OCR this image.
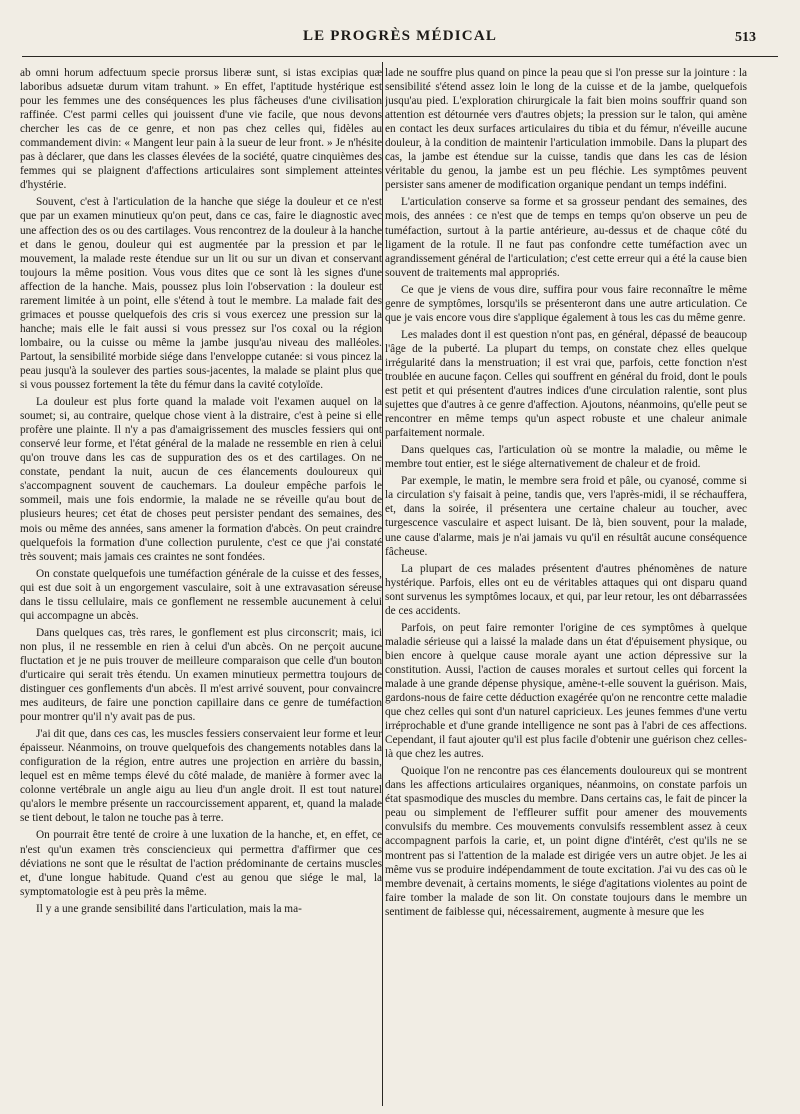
LE PROGRÈS MÉDICAL	513

ab omni horum adfectuum specie prorsus liberæ sunt, si istas excipias quæ laboribus adsuetæ durum vitam trahunt. » En effet, l'aptitude hystérique est pour les femmes une des conséquences les plus fâcheuses d'une civilisation raffinée. C'est parmi celles qui jouissent d'une vie facile, que nous devons chercher les cas de ce genre, et non pas chez celles qui, fidèles au commandement divin: « Mangent leur pain à la sueur de leur front. » Je n'hésite pas à déclarer, que dans les classes élevées de la société, quatre cinquièmes des femmes qui se plaignent d'affections articulaires sont simplement atteintes d'hystérie.

Souvent, c'est à l'articulation de la hanche que siége la douleur et ce n'est que par un examen minutieux qu'on peut, dans ce cas, faire le diagnostic avec une affection des os ou des cartilages. Vous rencontrez de la douleur à la hanche et dans le genou, douleur qui est augmentée par la pression et par le mouvement, la malade reste étendue sur un lit ou sur un divan et conservant toujours la même position. Vous vous dites que ce sont là les signes d'une affection de la hanche. Mais, poussez plus loin l'observation : la douleur est rarement limitée à un point, elle s'étend à tout le membre. La malade fait des grimaces et pousse quelquefois des cris si vous exercez une pression sur la hanche; mais elle le fait aussi si vous pressez sur l'os coxal ou la région lombaire, ou la cuisse ou même la jambe jusqu'au niveau des malléoles. Partout, la sensibilité morbide siége dans l'enveloppe cutanée: si vous pincez la peau jusqu'à la soulever des parties sous-jacentes, la malade se plaint plus que si vous poussez fortement la tête du fémur dans la cavité cotyloïde.

La douleur est plus forte quand la malade voit l'examen auquel on la soumet; si, au contraire, quelque chose vient à la distraire, c'est à peine si elle profère une plainte. Il n'y a pas d'amaigrissement des muscles fessiers qui ont conservé leur forme, et l'état général de la malade ne ressemble en rien à celui qu'on trouve dans les cas de suppuration des os et des cartilages. On ne constate, pendant la nuit, aucun de ces élancements douloureux qui s'accompagnent souvent de cauchemars. La douleur empêche parfois le sommeil, mais une fois endormie, la malade ne se réveille qu'au bout de plusieurs heures; cet état de choses peut persister pendant des semaines, des mois ou même des années, sans amener la formation d'abcès. On peut craindre quelquefois la formation d'une collection purulente, c'est ce que j'ai constaté très souvent; mais jamais ces craintes ne sont fondées.

On constate quelquefois une tuméfaction générale de la cuisse et des fesses, qui est due soit à un engorgement vasculaire, soit à une extravasation séreuse dans le tissu cellulaire, mais ce gonflement ne ressemble aucunement à celui qui accompagne un abcès.

Dans quelques cas, très rares, le gonflement est plus circonscrit; mais, ici non plus, il ne ressemble en rien à celui d'un abcès. On ne perçoit aucune fluctation et je ne puis trouver de meilleure comparaison que celle d'un bouton d'urticaire qui serait très étendu. Un examen minutieux permettra toujours de distinguer ces gonflements d'un abcès. Il m'est arrivé souvent, pour convaincre mes auditeurs, de faire une ponction capillaire dans ce genre de tuméfaction pour montrer qu'il n'y avait pas de pus.

J'ai dit que, dans ces cas, les muscles fessiers conservaient leur forme et leur épaisseur. Néanmoins, on trouve quelquefois des changements notables dans la configuration de la région, entre autres une projection en arrière du bassin, lequel est en même temps élevé du côté malade, de manière à former avec la colonne vertébrale un angle aigu au lieu d'un angle droit. Il est tout naturel qu'alors le membre présente un raccourcissement apparent, et, quand la malade se tient debout, le talon ne touche pas à terre.

On pourrait être tenté de croire à une luxation de la hanche, et, en effet, ce n'est qu'un examen très consciencieux qui permettra d'affirmer que ces déviations ne sont que le résultat de l'action prédominante de certains muscles et, d'une longue habitude. Quand c'est au genou que siége le mal, la symptomatologie est à peu près la même.

Il y a une grande sensibilité dans l'articulation, mais la ma-

lade ne souffre plus quand on pince la peau que si l'on presse sur la jointure : la sensibilité s'étend assez loin le long de la cuisse et de la jambe, quelquefois jusqu'au pied. L'exploration chirurgicale la fait bien moins souffrir quand son attention est détournée vers d'autres objets; la pression sur le talon, qui amène en contact les deux surfaces articulaires du tibia et du fémur, n'éveille aucune douleur, à la condition de maintenir l'articulation immobile. Dans la plupart des cas, la jambe est étendue sur la cuisse, tandis que dans les cas de lésion véritable du genou, la jambe est un peu fléchie. Les symptômes peuvent persister sans amener de modification organique pendant un temps indéfini.

L'articulation conserve sa forme et sa grosseur pendant des semaines, des mois, des années : ce n'est que de temps en temps qu'on observe un peu de tuméfaction, surtout à la partie antérieure, au-dessus et de chaque côté du ligament de la rotule. Il ne faut pas confondre cette tuméfaction avec un agrandissement général de l'articulation; c'est cette erreur qui a été la cause bien souvent de traitements mal appropriés.

Ce que je viens de vous dire, suffira pour vous faire reconnaître le même genre de symptômes, lorsqu'ils se présenteront dans une autre articulation. Ce que je vais encore vous dire s'applique également à tous les cas du même genre.

Les malades dont il est question n'ont pas, en général, dépassé de beaucoup l'âge de la puberté. La plupart du temps, on constate chez elles quelque irrégularité dans la menstruation; il est vrai que, parfois, cette fonction n'est troublée en aucune façon. Celles qui souffrent en général du froid, dont le pouls est petit et qui présentent d'autres indices d'une circulation ralentie, sont plus sujettes que d'autres à ce genre d'affection. Ajoutons, néanmoins, qu'elle peut se rencontrer en même temps qu'un aspect robuste et une chaleur animale parfaitement normale.

Dans quelques cas, l'articulation où se montre la maladie, ou même le membre tout entier, est le siége alternativement de chaleur et de froid.

Par exemple, le matin, le membre sera froid et pâle, ou cyanosé, comme si la circulation s'y faisait à peine, tandis que, vers l'après-midi, il se réchauffera, et, dans la soirée, il présentera une certaine chaleur au toucher, avec turgescence vasculaire et aspect luisant. De là, bien souvent, pour la malade, une cause d'alarme, mais je n'ai jamais vu qu'il en résultât aucune conséquence fâcheuse.

La plupart de ces malades présentent d'autres phénomènes de nature hystérique. Parfois, elles ont eu de véritables attaques qui ont disparu quand sont survenus les symptômes locaux, et qui, par leur retour, les ont débarrassées de ces accidents.

Parfois, on peut faire remonter l'origine de ces symptômes à quelque maladie sérieuse qui a laissé la malade dans un état d'épuisement physique, ou bien encore à quelque cause morale ayant une action dépressive sur la constitution. Aussi, l'action de causes morales et surtout celles qui forcent la malade à une grande dépense physique, amène-t-elle souvent la guérison. Mais, gardons-nous de faire cette déduction exagérée qu'on ne rencontre cette maladie que chez celles qui sont d'un naturel capricieux. Les jeunes femmes d'une vertu irréprochable et d'une grande intelligence ne sont pas à l'abri de ces affections. Cependant, il faut ajouter qu'il est plus facile d'obtenir une guérison chez celles-là que chez les autres.

Quoique l'on ne rencontre pas ces élancements douloureux qui se montrent dans les affections articulaires organiques, néanmoins, on constate parfois un état spasmodique des muscles du membre. Dans certains cas, le fait de pincer la peau ou simplement de l'effleurer suffit pour amener des mouvements convulsifs du membre. Ces mouvements convulsifs ressemblent assez à ceux accompagnent parfois la carie, et, un point digne d'intérêt, c'est qu'ils ne se montrent pas si l'attention de la malade est dirigée vers un autre objet. Je les ai même vus se produire indépendamment de toute excitation. J'ai vu des cas où le membre devenait, à certains moments, le siége d'agitations violentes au point de faire tomber la malade de son lit. On constate toujours dans le membre un sentiment de faiblesse qui, nécessairement, augmente à mesure que les
